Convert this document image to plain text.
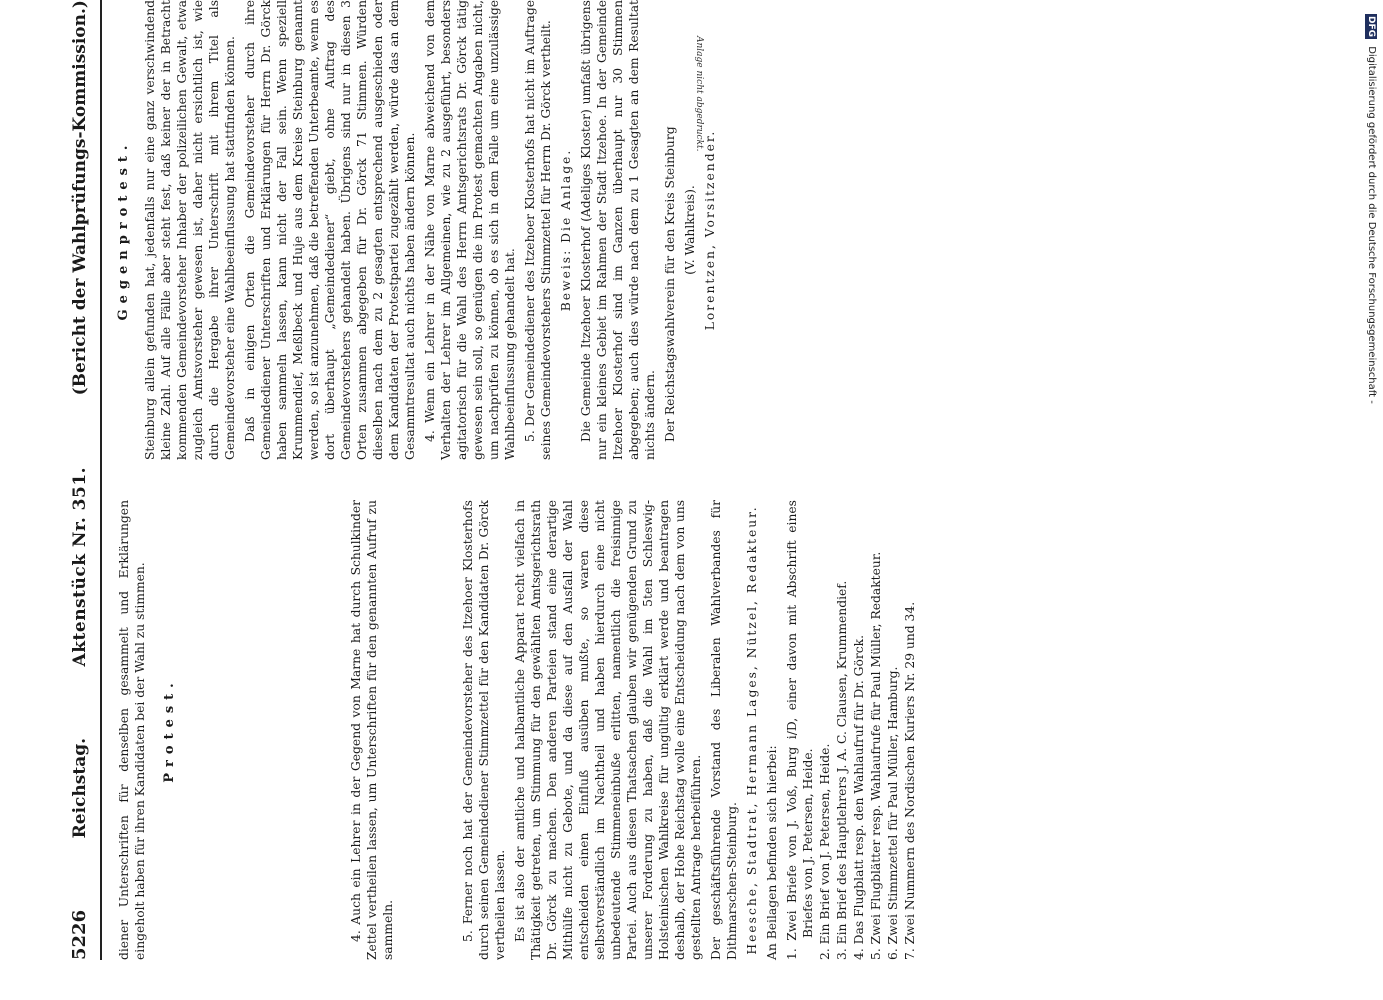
5226
Reichstag.
Aktenstück Nr. 351.
(Bericht der Wahlprüfungs-Kommission.)

diener Unterschriften für denselben gesammelt und Erklärungen eingeholt haben für ihren Kandidaten bei der Wahl zu stimmen. Protest.	4. Auch ein Lehrer in der Gegend von Marne hat durch Schulkinder Zettel vertheilen lassen, um Unterschriften für den genannten Aufruf zu sammeln.	5. Ferner noch hat der Gemeindevorsteher des Itzehoer Klosterhofs durch seinen Gemeindediener Stimmzettel für den Kandidaten Dr. Görck vertheilen lassen. Es ist also der amtliche und halbamtliche Apparat recht vielfach in Thätigkeit getreten, um Stimmung für den gewählten Amtsgerichtsrath Dr. Görck zu machen. Den anderen Parteien stand eine derartige Mithülfe nicht zu Gebote, und da diese auf den Ausfall der Wahl entscheiden einen Einfluß ausüben mußte, so waren diese selbstverständlich im Nachtheil und haben hierdurch eine nicht unbedeutende Stimmeneinbuße erlitten, namentlich die freisinnige Partei. Auch aus diesen Thatsachen glauben wir genügenden Grund zu unserer Forderung zu haben, daß die Wahl im 5ten Schleswig-Holsteinischen Wahlkreise für ungültig erklärt werde und beantragen deshalb, der Hohe Reichstag wolle eine Entscheidung nach dem von uns gestellten Antrage herbeiführen. Der geschäftsführende Vorstand des Liberalen Wahlverbandes für Dithmarschen-Steinburg. Heesche, Stadtrat, Hermann Lages, Nützel, Redakteur. An Beilagen befinden sich hierbei: 1. Zwei Briefe von J. Voß, Burg i/D, einer davon mit Abschrift eines Briefes von J. Petersen, Heide. 2. Ein Brief von J. Petersen, Heide. 3. Ein Brief des Hauptlehrers J. A. C. Clausen, Krummendief. 4. Das Flugblatt resp. den Wahlaufruf für Dr. Görck. 5. Zwei Flugblätter resp. Wahlaufrufe für Paul Müller, Redakteur. 6. Zwei Stimmzettel für Paul Müller, Hamburg. 7. Zwei Nummern des Nordischen Kuriers Nr. 29 und 34.
Gegenprotest. Steinburg allein gefunden hat, jedenfalls nur eine ganz verschwindend kleine Zahl. Auf alle Fälle aber steht fest, daß keiner der in Betracht kommenden Gemeindevorsteher Inhaber der polizeilichen Gewalt, etwa zugleich Amtsvorsteher gewesen ist, daher nicht ersichtlich ist, wie durch die Hergabe ihrer Unterschrift mit ihrem Titel als Gemeindevorsteher eine Wahlbeeinflussung hat stattfinden können. Daß in einigen Orten die Gemeindevorsteher durch ihre Gemeindediener Unterschriften und Erklärungen für Herrn Dr. Görck haben sammeln lassen, kann nicht der Fall sein. Wenn speziell Krummendief, Meßlbeck und Huje aus dem Kreise Steinburg genannt werden, so ist anzunehmen, daß die betreffenden Unterbeamte, wenn es dort überhaupt „Gemeindediener“ giebt, ohne Auftrag des Gemeindevorstehers gehandelt haben. Übrigens sind nur in diesen 3 Orten zusammen abgegeben für Dr. Görck 71 Stimmen. Würden dieselben nach dem zu 2 gesagten entsprechend ausgeschieden oder dem Kandidaten der Protestpartei zugezählt werden, würde das an dem Gesammtresultat auch nichts haben ändern können. 4. Wenn ein Lehrer in der Nähe von Marne abweichend von dem Verhalten der Lehrer im Allgemeinen, wie zu 2 ausgeführt, besonders agitatorisch für die Wahl des Herrn Amtsgerichtsrats Dr. Görck tätig gewesen sein soll, so genügen die im Protest gemachten Angaben nicht, um nachprüfen zu können, ob es sich in dem Falle um eine unzulässige Wahlbeeinflussung gehandelt hat. 5. Der Gemeindediener des Itzehoer Klosterhofs hat nicht im Auftrage seines Gemeindevorstehers Stimmzettel für Herrn Dr. Görck vertheilt. Beweis: Die Anlage. Die Gemeinde Itzehoer Klosterhof (Adeliges Kloster) umfaßt übrigens nur ein kleines Gebiet im Rahmen der Stadt Itzehoe. In der Gemeinde Itzehoer Klosterhof sind im Ganzen überhaupt nur 30 Stimmen abgegeben; auch dies würde nach dem zu 1 Gesagten an dem Resultat nichts ändern. Der Reichstagswahlverein für den Kreis Steinburg (V. Wahlkreis). Lorentzen, Vorsitzender.

Anlage nicht abgedruckt.
DFG Digitalisierung gefördert durch die Deutsche Forschungsgemeinschaft -
